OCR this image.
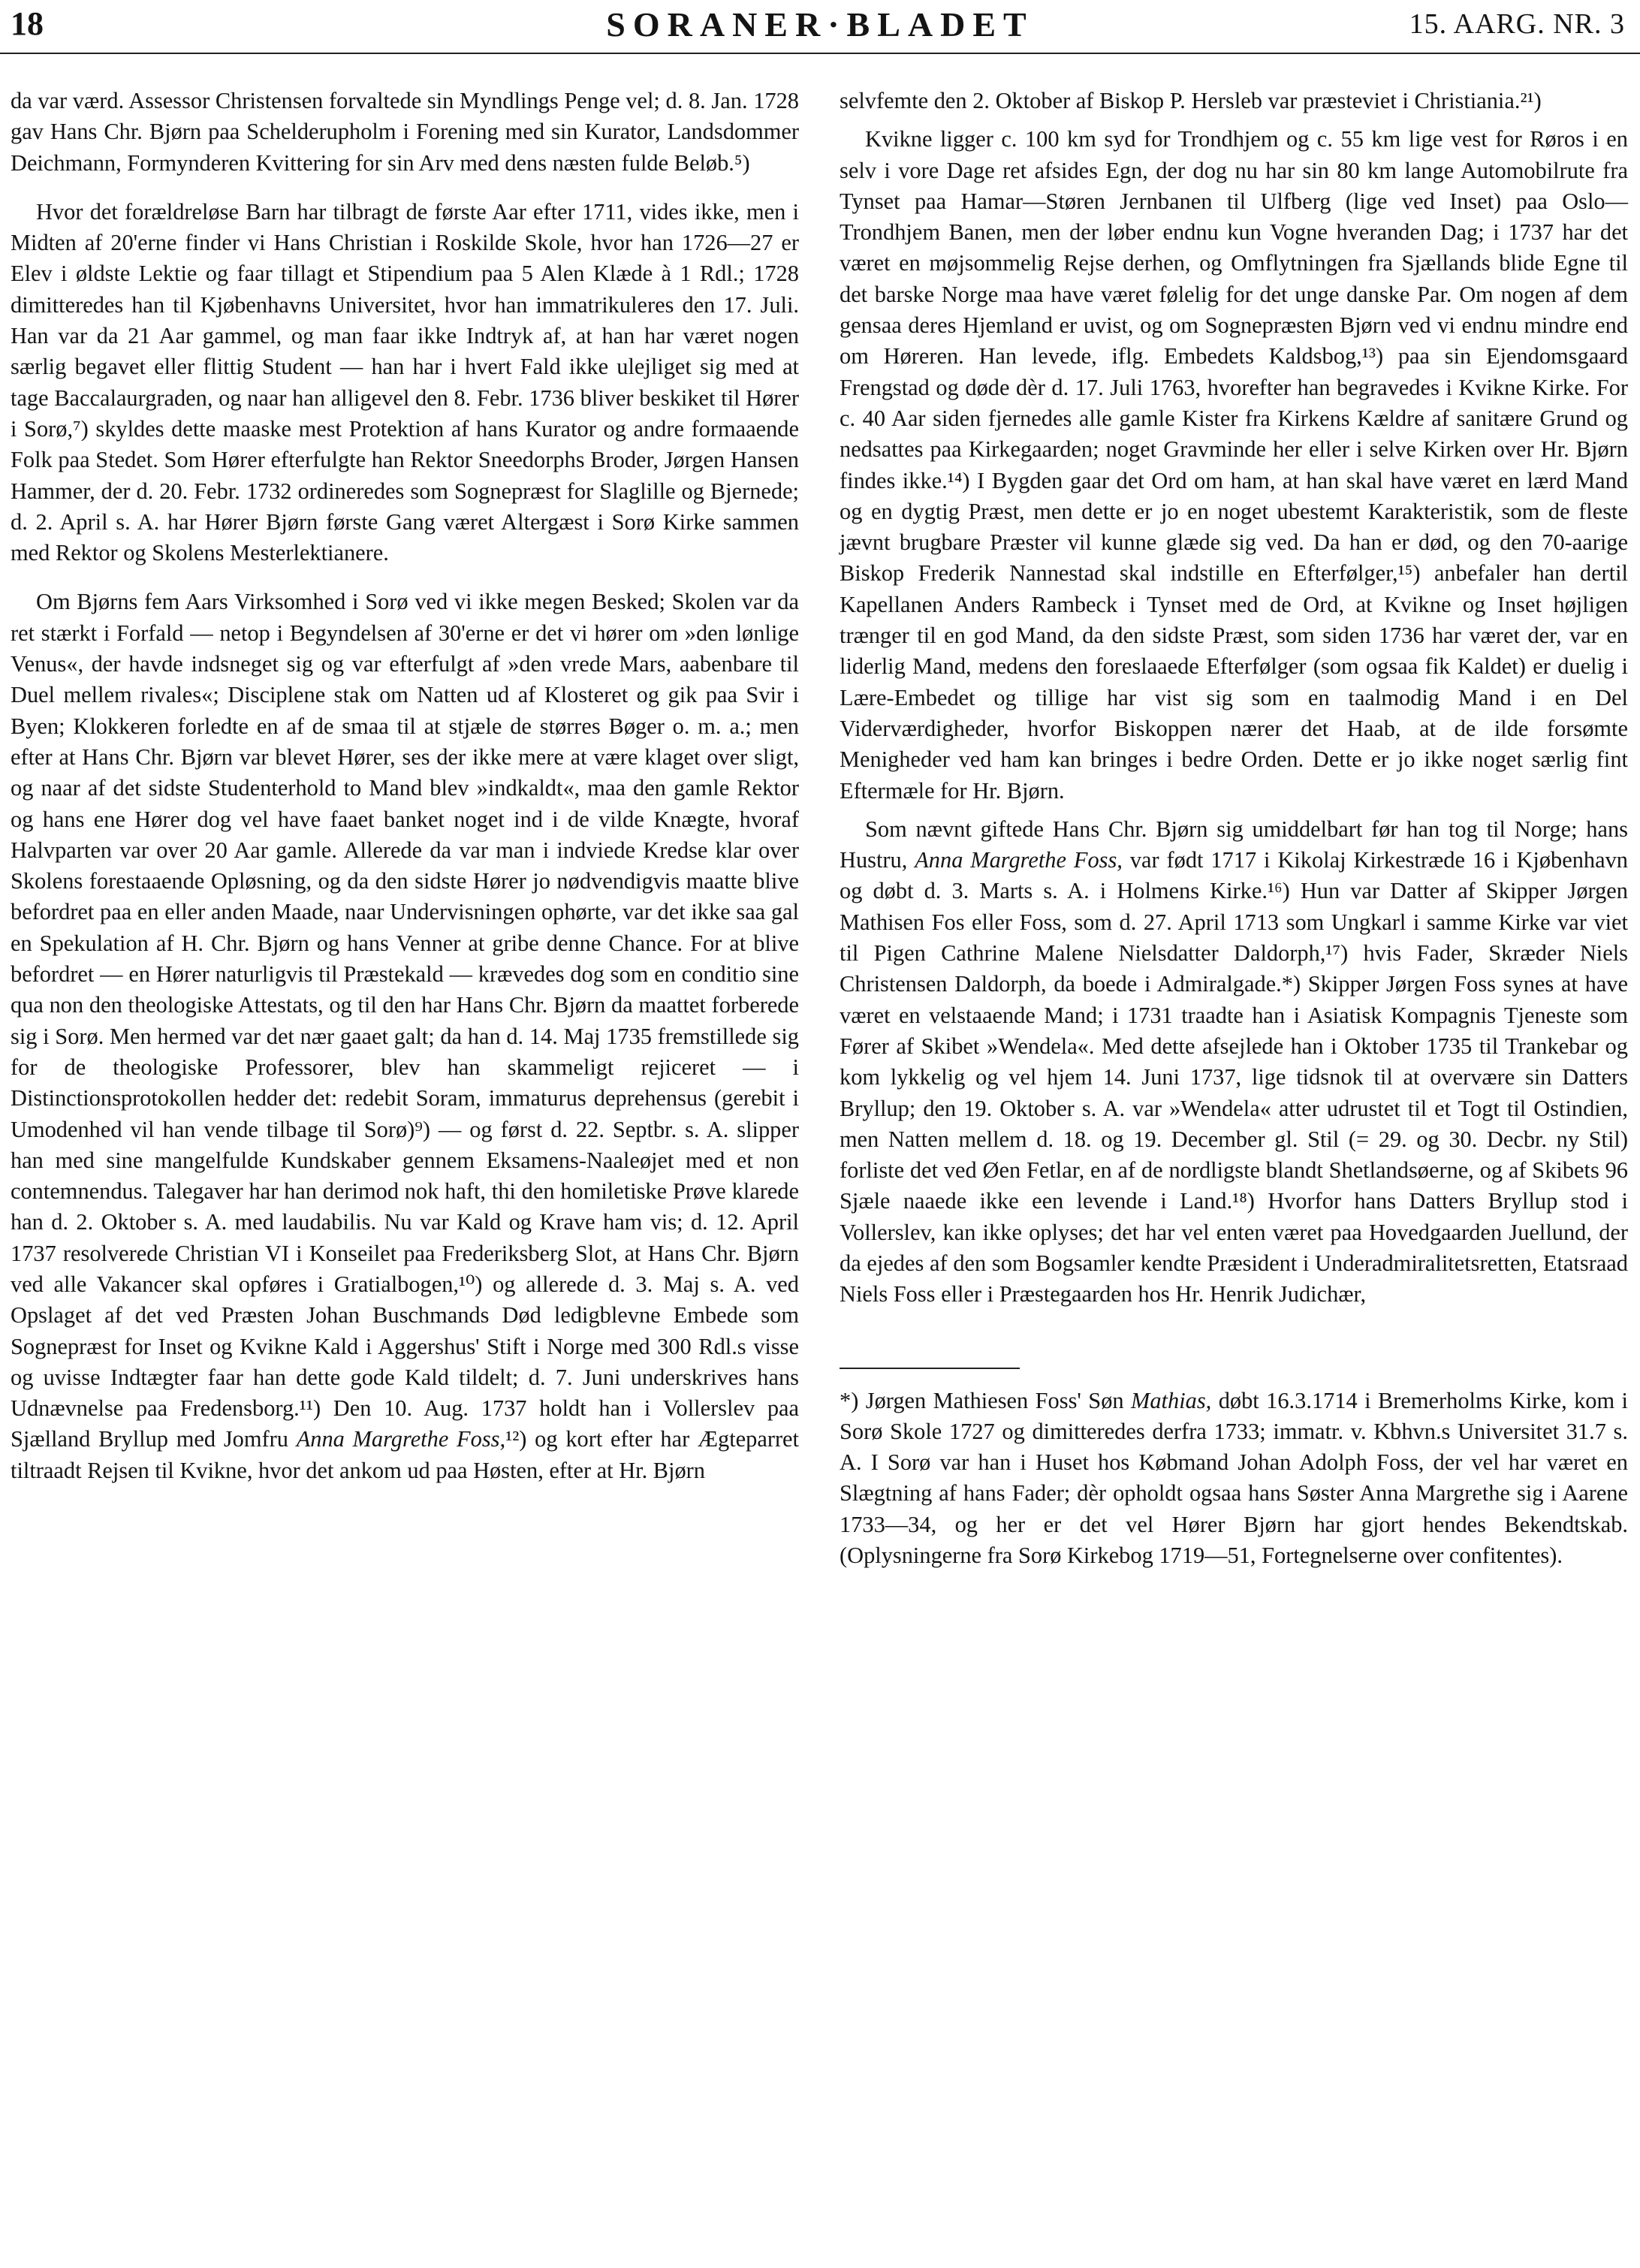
18	SORANER·BLADET	15. AARG. NR. 3

da var værd. Assessor Christensen forvaltede sin Myndlings Penge vel; d. 8. Jan. 1728 gav Hans Chr. Bjørn paa Schelderupholm i Forening med sin Kurator, Landsdommer Deichmann, Formynderen Kvittering for sin Arv med dens næsten fulde Beløb.⁵)

Hvor det forældreløse Barn har tilbragt de første Aar efter 1711, vides ikke, men i Midten af 20'erne finder vi Hans Christian i Roskilde Skole, hvor han 1726—27 er Elev i øldste Lektie og faar tillagt et Stipendium paa 5 Alen Klæde à 1 Rdl.; 1728 dimitteredes han til Kjøbenhavns Universitet, hvor han immatrikuleres den 17. Juli. Han var da 21 Aar gammel, og man faar ikke Indtryk af, at han har været nogen særlig begavet eller flittig Student — han har i hvert Fald ikke ulejliget sig med at tage Baccalaurgraden, og naar han alligevel den 8. Febr. 1736 bliver beskiket til Hører i Sorø,⁷) skyldes dette maaske mest Protektion af hans Kurator og andre formaaende Folk paa Stedet. Som Hører efterfulgte han Rektor Sneedorphs Broder, Jørgen Hansen Hammer, der d. 20. Febr. 1732 ordineredes som Sognepræst for Slaglille og Bjernede; d. 2. April s. A. har Hører Bjørn første Gang været Altergæst i Sorø Kirke sammen med Rektor og Skolens Mesterlektianere.

Om Bjørns fem Aars Virksomhed i Sorø ved vi ikke megen Besked; Skolen var da ret stærkt i Forfald — netop i Begyndelsen af 30'erne er det vi hører om »den lønlige Venus«, der havde indsneget sig og var efterfulgt af »den vrede Mars, aabenbare til Duel mellem rivales«; Disciplene stak om Natten ud af Klosteret og gik paa Svir i Byen; Klokkeren forledte en af de smaa til at stjæle de størres Bøger o. m. a.; men efter at Hans Chr. Bjørn var blevet Hører, ses der ikke mere at være klaget over sligt, og naar af det sidste Studenterhold to Mand blev »indkaldt«, maa den gamle Rektor og hans ene Hører dog vel have faaet banket noget ind i de vilde Knægte, hvoraf Halvparten var over 20 Aar gamle. Allerede da var man i indviede Kredse klar over Skolens forestaaende Opløsning, og da den sidste Hører jo nødvendigvis maatte blive befordret paa en eller anden Maade, naar Undervisningen ophørte, var det ikke saa gal en Spekulation af H. Chr. Bjørn og hans Venner at gribe denne Chance. For at blive befordret — en Hører naturligvis til Præstekald — krævedes dog som en conditio sine qua non den theologiske Attestats, og til den har Hans Chr. Bjørn da maattet forberede sig i Sorø. Men hermed var det nær gaaet galt; da han d. 14. Maj 1735 fremstillede sig for de theologiske Professorer, blev han skammeligt rejiceret — i Distinctionsprotokollen hedder det: redebit Soram, immaturus deprehensus (gerebit i Umodenhed vil han vende tilbage til Sorø)⁹) — og først d. 22. Septbr. s. A. slipper han med sine mangelfulde Kundskaber gennem Eksamens-Naaleøjet med et non contemnendus. Talegaver har han derimod nok haft, thi den homiletiske Prøve klarede han d. 2. Oktober s. A. med laudabilis. Nu var Kald og Krave ham vis; d. 12. April 1737 resolverede Christian VI i Konseilet paa Frederiksberg Slot, at Hans Chr. Bjørn ved alle Vakancer skal opføres i Gratialbogen,¹⁰) og allerede d. 3. Maj s. A. ved Opslaget af det ved Præsten Johan Buschmands Død ledigblevne Embede som Sognepræst for Inset og Kvikne Kald i Aggershus' Stift i Norge med 300 Rdl.s visse og uvisse Indtægter faar han dette gode Kald tildelt; d. 7. Juni underskrives hans Udnævnelse paa Fredensborg.¹¹) Den 10. Aug. 1737 holdt han i Vollerslev paa Sjælland Bryllup med Jomfru Anna Margrethe Foss,¹²) og kort efter har Ægteparret tiltraadt Rejsen til Kvikne, hvor det ankom ud paa Høsten, efter at Hr. Bjørn

selvfemte den 2. Oktober af Biskop P. Hersleb var præsteviet i Christiania.²¹)

Kvikne ligger c. 100 km syd for Trondhjem og c. 55 km lige vest for Røros i en selv i vore Dage ret afsides Egn, der dog nu har sin 80 km lange Automobilrute fra Tynset paa Hamar—Støren Jernbanen til Ulfberg (lige ved Inset) paa Oslo—Trondhjem Banen, men der løber endnu kun Vogne hveranden Dag; i 1737 har det været en møjsommelig Rejse derhen, og Omflytningen fra Sjællands blide Egne til det barske Norge maa have været følelig for det unge danske Par. Om nogen af dem gensaa deres Hjemland er uvist, og om Sognepræsten Bjørn ved vi endnu mindre end om Høreren. Han levede, iflg. Embedets Kaldsbog,¹³) paa sin Ejendomsgaard Frengstad og døde dèr d. 17. Juli 1763, hvorefter han begravedes i Kvikne Kirke. For c. 40 Aar siden fjernedes alle gamle Kister fra Kirkens Kældre af sanitære Grund og nedsattes paa Kirkegaarden; noget Gravminde her eller i selve Kirken over Hr. Bjørn findes ikke.¹⁴) I Bygden gaar det Ord om ham, at han skal have været en lærd Mand og en dygtig Præst, men dette er jo en noget ubestemt Karakteristik, som de fleste jævnt brugbare Præster vil kunne glæde sig ved. Da han er død, og den 70-aarige Biskop Frederik Nannestad skal indstille en Efterfølger,¹⁵) anbefaler han dertil Kapellanen Anders Rambeck i Tynset med de Ord, at Kvikne og Inset højligen trænger til en god Mand, da den sidste Præst, som siden 1736 har været der, var en liderlig Mand, medens den foreslaaede Efterfølger (som ogsaa fik Kaldet) er duelig i Lære-Embedet og tillige har vist sig som en taalmodig Mand i en Del Viderværdigheder, hvorfor Biskoppen nærer det Haab, at de ilde forsømte Menigheder ved ham kan bringes i bedre Orden. Dette er jo ikke noget særlig fint Eftermæle for Hr. Bjørn.

Som nævnt giftede Hans Chr. Bjørn sig umiddelbart før han tog til Norge; hans Hustru, Anna Margrethe Foss, var født 1717 i Kikolaj Kirkestræde 16 i Kjøbenhavn og døbt d. 3. Marts s. A. i Holmens Kirke.¹⁶) Hun var Datter af Skipper Jørgen Mathisen Fos eller Foss, som d. 27. April 1713 som Ungkarl i samme Kirke var viet til Pigen Cathrine Malene Nielsdatter Daldorph,¹⁷) hvis Fader, Skræder Niels Christensen Daldorph, da boede i Admiralgade.*) Skipper Jørgen Foss synes at have været en velstaaende Mand; i 1731 traadte han i Asiatisk Kompagnis Tjeneste som Fører af Skibet »Wendela«. Med dette afsejlede han i Oktober 1735 til Trankebar og kom lykkelig og vel hjem 14. Juni 1737, lige tidsnok til at overvære sin Datters Bryllup; den 19. Oktober s. A. var »Wendela« atter udrustet til et Togt til Ostindien, men Natten mellem d. 18. og 19. December gl. Stil (= 29. og 30. Decbr. ny Stil) forliste det ved Øen Fetlar, en af de nordligste blandt Shetlandsøerne, og af Skibets 96 Sjæle naaede ikke een levende i Land.¹⁸) Hvorfor hans Datters Bryllup stod i Vollerslev, kan ikke oplyses; det har vel enten været paa Hovedgaarden Juellund, der da ejedes af den som Bogsamler kendte Præsident i Underadmiralitetsretten, Etatsraad Niels Foss eller i Præstegaarden hos Hr. Henrik Judichær,

*) Jørgen Mathiesen Foss' Søn Mathias, døbt 16.3.1714 i Bremerholms Kirke, kom i Sorø Skole 1727 og dimitteredes derfra 1733; immatr. v. Kbhvn.s Universitet 31.7 s. A. I Sorø var han i Huset hos Købmand Johan Adolph Foss, der vel har været en Slægtning af hans Fader; dèr opholdt ogsaa hans Søster Anna Margrethe sig i Aarene 1733—34, og her er det vel Hører Bjørn har gjort hendes Bekendtskab. (Oplysningerne fra Sorø Kirkebog 1719—51, Fortegnelserne over confitentes).
